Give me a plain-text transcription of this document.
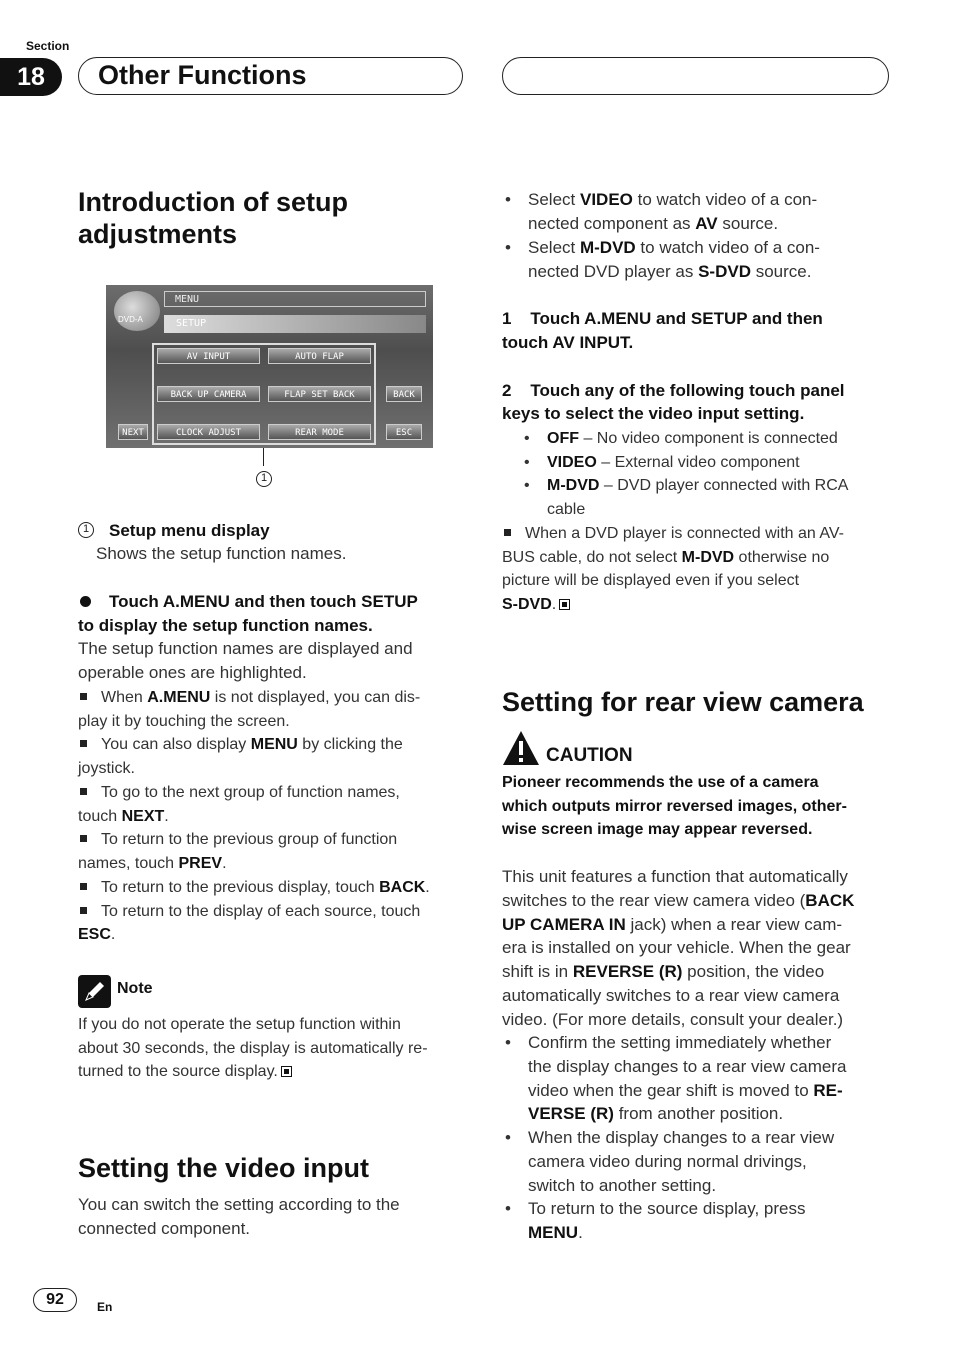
Section
18	Other Functions
Introduction of setup
adjustments
DVD-A
MENU
SETUP
AV INPUT	AUTO FLAP
BACK UP CAMERA	FLAP SET BACK
CLOCK ADJUST	REAR MODE
BACK
NEXT	ESC
1
1 Setup menu display
Shows the setup function names.
Touch A.MENU and then touch SETUP
to display the setup function names.
The setup function names are displayed and
operable ones are highlighted.
When A.MENU is not displayed, you can dis-
play it by touching the screen.
You can also display MENU by clicking the
joystick.
To go to the next group of function names,
touch NEXT.
To return to the previous group of function
names, touch PREV.
To return to the previous display, touch BACK.
To return to the display of each source, touch
ESC.
Note
If you do not operate the setup function within
about 30 seconds, the display is automatically re-
turned to the source display.
Setting the video input
You can switch the setting according to the
connected component.
• Select VIDEO to watch video of a con-
nected component as AV source.
• Select M-DVD to watch video of a con-
nected DVD player as S-DVD source.
1    Touch A.MENU and SETUP and then
touch AV INPUT.
2    Touch any of the following touch panel
keys to select the video input setting.
• OFF – No video component is connected
• VIDEO – External video component
• M-DVD – DVD player connected with RCA
cable
When a DVD player is connected with an AV-
BUS cable, do not select M-DVD otherwise no
picture will be displayed even if you select
S-DVD.
Setting for rear view camera
CAUTION
Pioneer recommends the use of a camera
which outputs mirror reversed images, other-
wise screen image may appear reversed.
This unit features a function that automatically
switches to the rear view camera video (BACK
UP CAMERA IN jack) when a rear view cam-
era is installed on your vehicle. When the gear
shift is in REVERSE (R) position, the video
automatically switches to a rear view camera
video. (For more details, consult your dealer.)
• Confirm the setting immediately whether
the display changes to a rear view camera
video when the gear shift is moved to RE-
VERSE (R) from another position.
• When the display changes to a rear view
camera video during normal drivings,
switch to another setting.
• To return to the source display, press
MENU.
92	En
